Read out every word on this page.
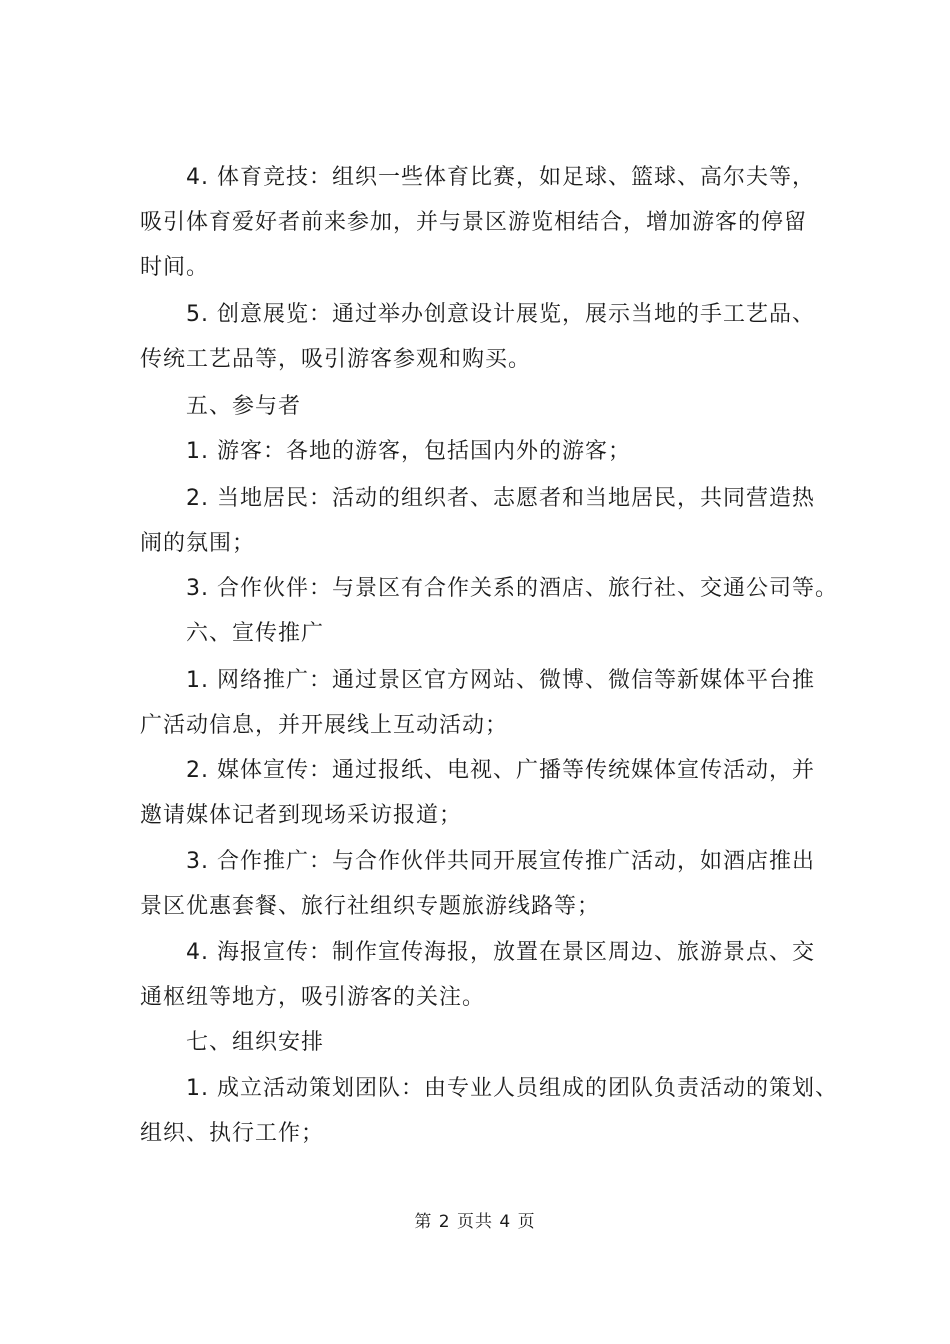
4. 体育竞技：组织一些体育比赛，如足球、篮球、高尔夫等，
吸引体育爱好者前来参加，并与景区游览相结合，增加游客的停留
时间。
5. 创意展览：通过举办创意设计展览，展示当地的手工艺品、
传统工艺品等，吸引游客参观和购买。
五、参与者
1. 游客：各地的游客，包括国内外的游客；
2. 当地居民：活动的组织者、志愿者和当地居民，共同营造热
闹的氛围；
3. 合作伙伴：与景区有合作关系的酒店、旅行社、交通公司等。
六、宣传推广
1. 网络推广：通过景区官方网站、微博、微信等新媒体平台推
广活动信息，并开展线上互动活动；
2. 媒体宣传：通过报纸、电视、广播等传统媒体宣传活动，并
邀请媒体记者到现场采访报道；
3. 合作推广：与合作伙伴共同开展宣传推广活动，如酒店推出
景区优惠套餐、旅行社组织专题旅游线路等；
4. 海报宣传：制作宣传海报，放置在景区周边、旅游景点、交
通枢纽等地方，吸引游客的关注。
七、组织安排
1. 成立活动策划团队：由专业人员组成的团队负责活动的策划、
组织、执行工作；
第 2 页共 4 页
